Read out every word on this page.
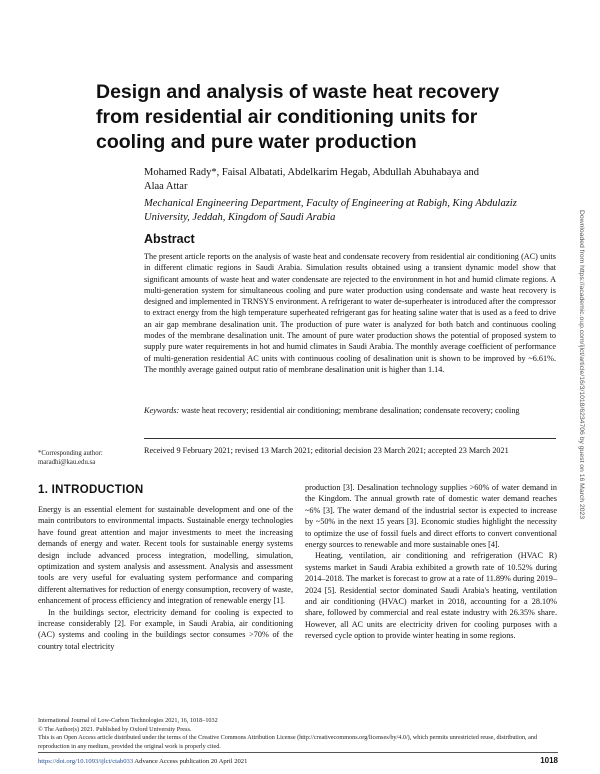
Design and analysis of waste heat recovery from residential air conditioning units for cooling and pure water production
Mohamed Rady*, Faisal Albatati, Abdelkarim Hegab, Abdullah Abuhabaya and
Alaa Attar
Mechanical Engineering Department, Faculty of Engineering at Rabigh, King Abdulaziz
University, Jeddah, Kingdom of Saudi Arabia
Abstract
The present article reports on the analysis of waste heat and condensate recovery from residential air conditioning (AC) units in different climatic regions in Saudi Arabia. Simulation results obtained using a transient dynamic model show that significant amounts of waste heat and water condensate are rejected to the environment in hot and humid climate regions. A multi-generation system for simultaneous cooling and pure water production using condensate and waste heat recovery is designed and implemented in TRNSYS environment. A refrigerant to water de-superheater is introduced after the compressor to extract energy from the high temperature superheated refrigerant gas for heating saline water that is used as a feed to drive an air gap membrane desalination unit. The production of pure water is analyzed for both batch and continuous cooling modes of the membrane desalination unit. The amount of pure water production shows the potential of proposed system to supply pure water requirements in hot and humid climates in Saudi Arabia. The monthly average coefficient of performance of multi-generation residential AC units with continuous cooling of desalination unit is shown to be improved by ~6.61%. The monthly average gained output ratio of membrane desalination unit is higher than 1.14.
Keywords: waste heat recovery; residential air conditioning; membrane desalination; condensate recovery; cooling
*Corresponding author:
maradhi@kau.edu.sa
Received 9 February 2021; revised 13 March 2021; editorial decision 23 March 2021; accepted 23 March 2021
1. INTRODUCTION

Energy is an essential element for sustainable development and one of the main contributors to environmental impacts. Sustainable energy technologies have found great attention and major investments to meet the increasing demands of energy and water. Recent tools for sustainable energy systems design include advanced process integration, modelling, simulation, optimization and system analysis and assessment. Analysis and assessment tools are very useful for evaluating system performance and comparing different alternatives for reduction of energy consumption, recovery of waste, enhancement of process efficiency and integration of renewable energy [1].

In the buildings sector, electricity demand for cooling is expected to increase considerably [2]. For example, in Saudi Arabia, air conditioning (AC) systems and cooling in the buildings sector consumes >70% of the country total electricity

production [3]. Desalination technology supplies >60% of water demand in the Kingdom. The annual growth rate of domestic water demand reaches ~6% [3]. The water demand of the industrial sector is expected to increase by ~50% in the next 15 years [3]. Economic studies highlight the necessity to optimize the use of fossil fuels and direct efforts to convert conventional energy sources to renewable and more sustainable ones [4].

Heating, ventilation, air conditioning and refrigeration (HVAC R) systems market in Saudi Arabia exhibited a growth rate of 10.52% during 2014–2018. The market is forecast to grow at a rate of 11.89% during 2019–2024 [5]. Residential sector dominated Saudi Arabia's heating, ventilation and air conditioning (HVAC) market in 2018, accounting for a 28.10% share, followed by commercial and real estate industry with 26.35% share. However, all AC units are electricity driven for cooling purposes with a reversed cycle option to provide winter heating in some regions.

International Journal of Low-Carbon Technologies 2021, 16, 1018–1032
© The Author(s) 2021. Published by Oxford University Press.
This is an Open Access article distributed under the terms of the Creative Commons Attribution License (http://creativecommons.org/licenses/by/4.0/), which permits unrestricted reuse, distribution, and reproduction in any medium, provided the original work is properly cited.
https://doi.org/10.1093/ijlct/ctab033 Advance Access publication 20 April 2021	1018
Downloaded from https://academic.oup.com/ijlct/article/16/3/1018/6234706 by guest on 16 March 2023
